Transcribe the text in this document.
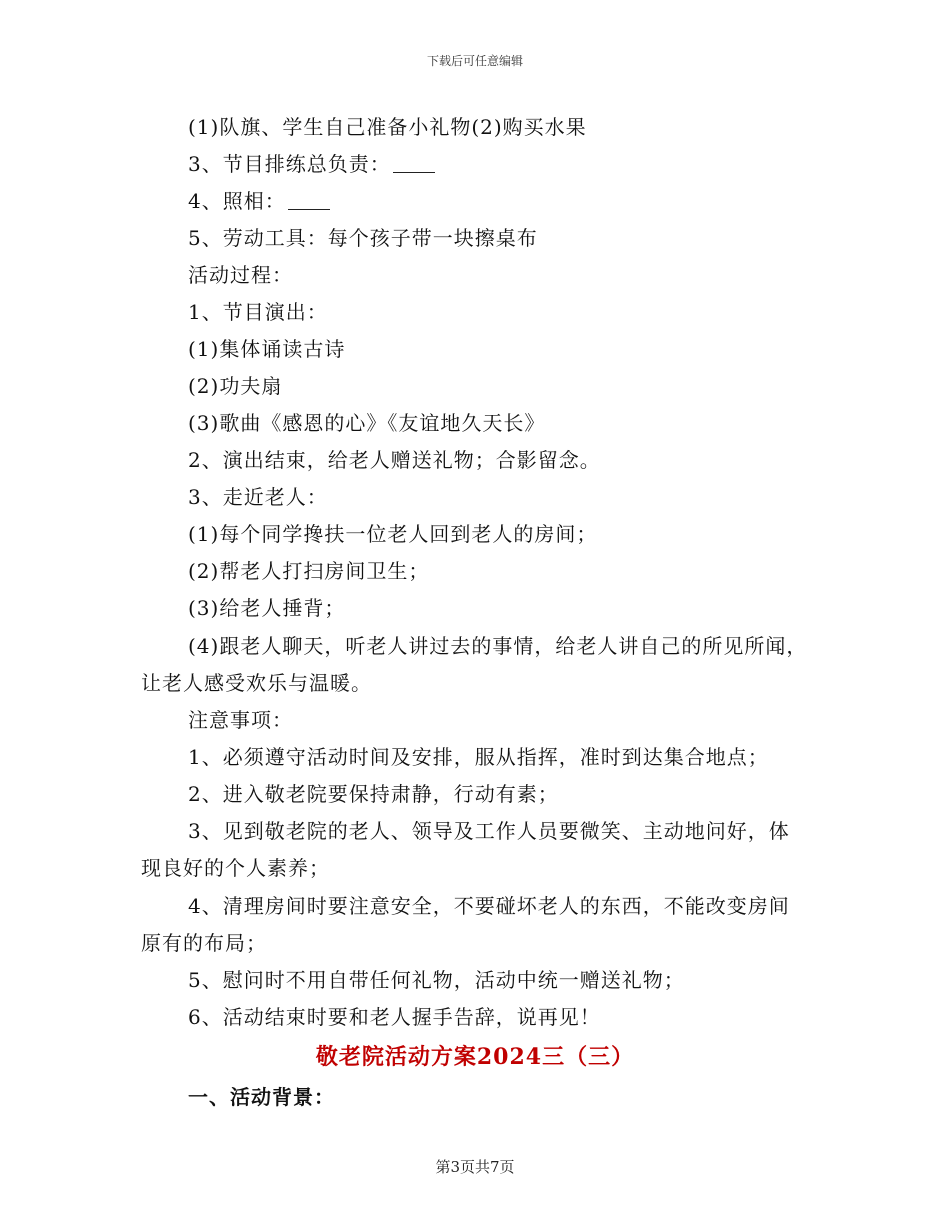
下载后可任意编辑
(1)队旗、学生自己准备小礼物(2)购买水果
3、节目排练总负责：
4、照相：
5、劳动工具：每个孩子带一块擦桌布
活动过程：
1、节目演出：
(1)集体诵读古诗
(2)功夫扇
(3)歌曲《感恩的心》《友谊地久天长》
2、演出结束，给老人赠送礼物；合影留念。
3、走近老人：
(1)每个同学搀扶一位老人回到老人的房间；
(2)帮老人打扫房间卫生；
(3)给老人捶背；
(4)跟老人聊天，听老人讲过去的事情，给老人讲自己的所见所闻，
让老人感受欢乐与温暖。
注意事项：
1、必须遵守活动时间及安排，服从指挥，准时到达集合地点；
2、进入敬老院要保持肃静，行动有素；
3、见到敬老院的老人、领导及工作人员要微笑、主动地问好，体
现良好的个人素养；
4、清理房间时要注意安全，不要碰坏老人的东西，不能改变房间
原有的布局；
5、慰问时不用自带任何礼物，活动中统一赠送礼物；
6、活动结束时要和老人握手告辞，说再见！
敬老院活动方案2024三（三）
一、活动背景：
第3页共7页
